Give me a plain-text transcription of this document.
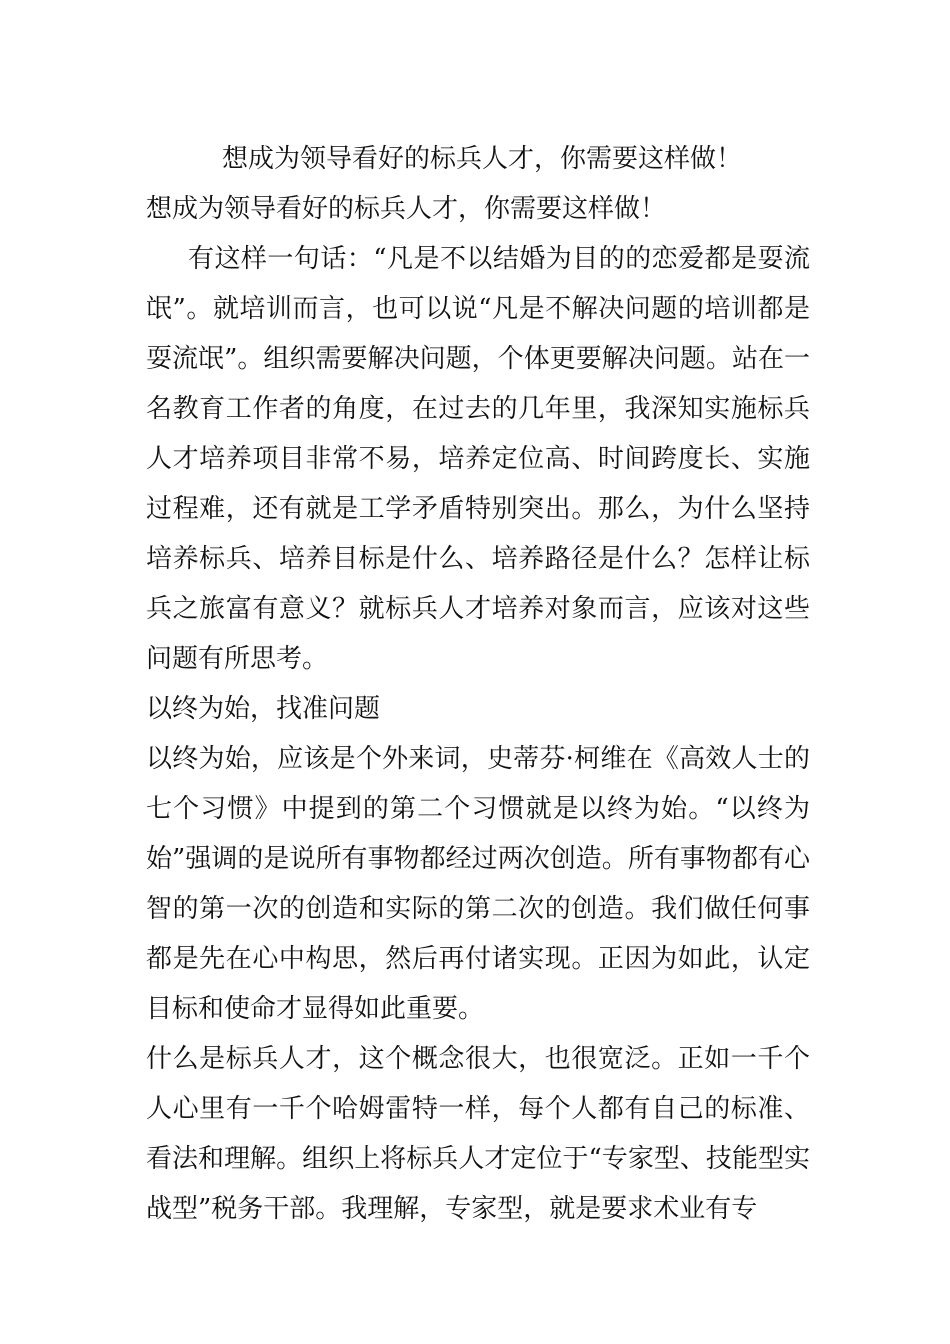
想成为领导看好的标兵人才，你需要这样做！

想成为领导看好的标兵人才，你需要这样做！

有这样一句话：“凡是不以结婚为目的的恋爱都是耍流氓”。就培训而言，也可以说“凡是不解决问题的培训都是耍流氓”。组织需要解决问题，个体更要解决问题。站在一名教育工作者的角度，在过去的几年里，我深知实施标兵人才培养项目非常不易，培养定位高、时间跨度长、实施过程难，还有就是工学矛盾特别突出。那么，为什么坚持培养标兵、培养目标是什么、培养路径是什么？怎样让标兵之旅富有意义？就标兵人才培养对象而言，应该对这些问题有所思考。

以终为始，找准问题

以终为始，应该是个外来词，史蒂芬·柯维在《高效人士的七个习惯》中提到的第二个习惯就是以终为始。“以终为始”强调的是说所有事物都经过两次创造。所有事物都有心智的第一次的创造和实际的第二次的创造。我们做任何事都是先在心中构思，然后再付诸实现。正因为如此，认定目标和使命才显得如此重要。

什么是标兵人才，这个概念很大，也很宽泛。正如一千个人心里有一千个哈姆雷特一样，每个人都有自己的标准、看法和理解。组织上将标兵人才定位于“专家型、技能型实战型”税务干部。我理解，专家型，就是要求术业有专
